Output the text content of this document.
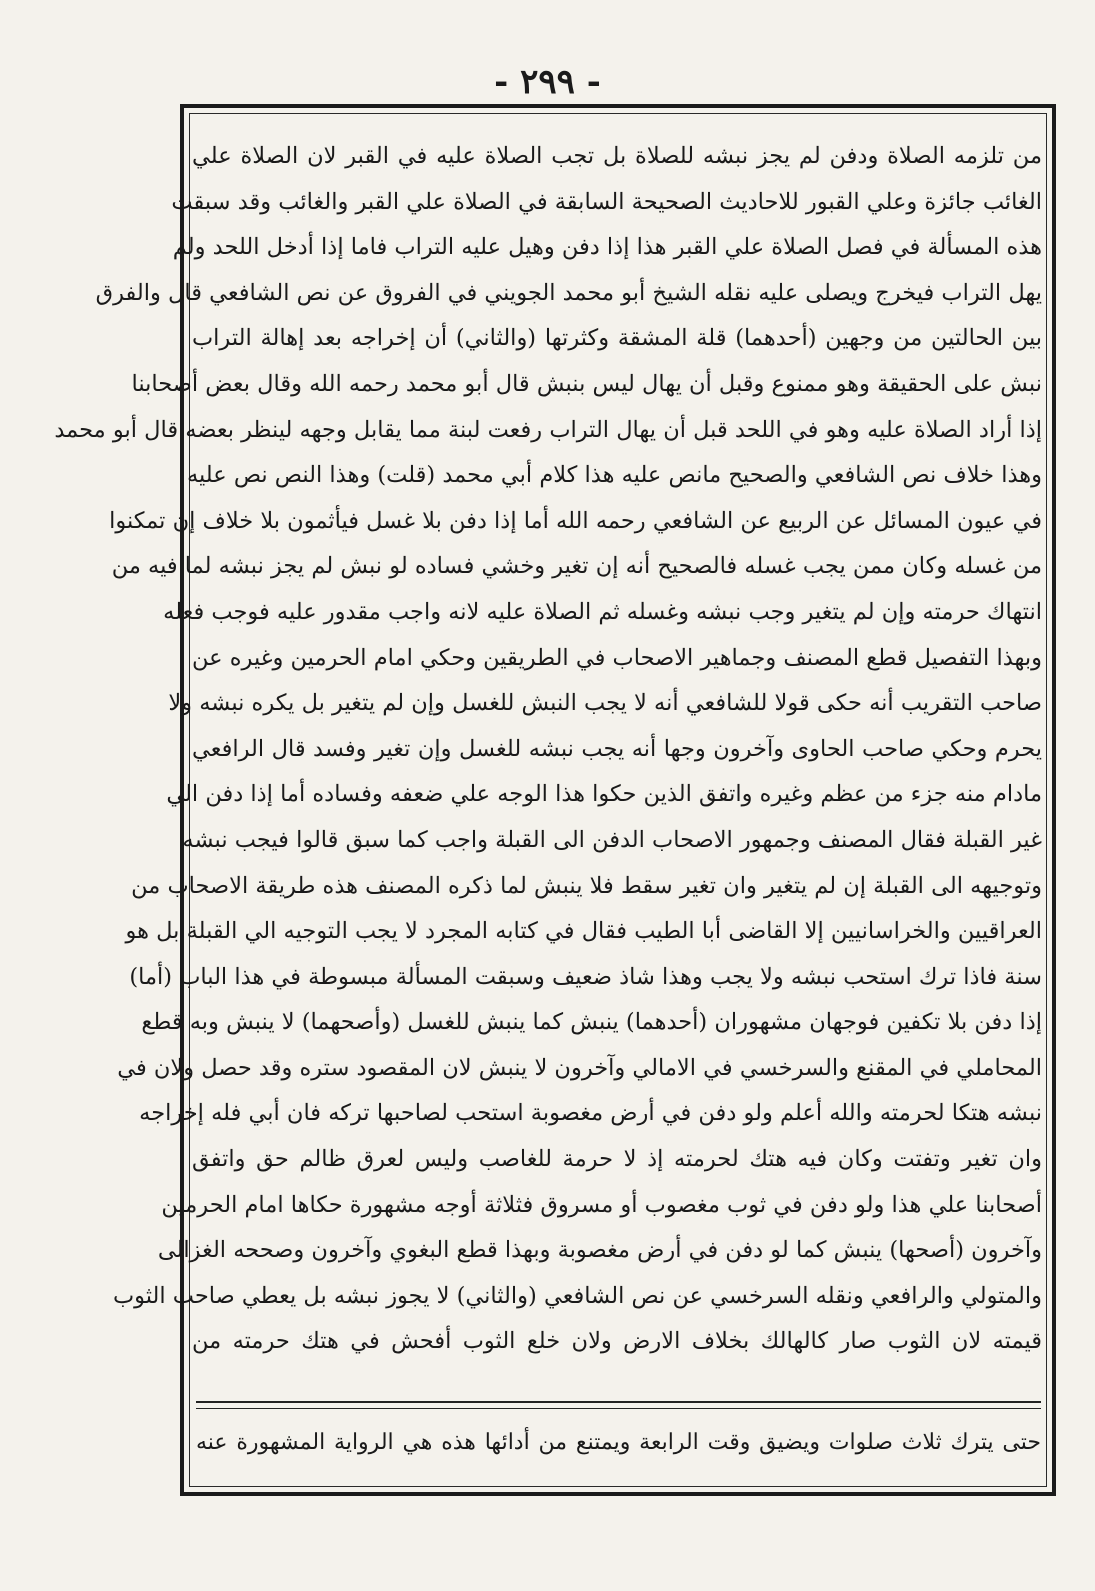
- ٢٩٩ -
من تلزمه الصلاة ودفن لم يجز نبشه للصلاة بل تجب الصلاة عليه في القبر لان الصلاة علي
الغائب جائزة وعلي القبور للاحاديث الصحيحة السابقة في الصلاة علي القبر والغائب وقد سبقت
هذه المسألة في فصل الصلاة علي القبر هذا إذا دفن وهيل عليه التراب فاما إذا أدخل اللحد ولم
يهل التراب فيخرج ويصلى عليه نقله الشيخ أبو محمد الجويني في الفروق عن نص الشافعي قال والفرق
بين الحالتين من وجهين (أحدهما) قلة المشقة وكثرتها (والثاني) أن إخراجه بعد إهالة التراب
نبش على الحقيقة وهو ممنوع وقبل أن يهال ليس بنبش قال أبو محمد رحمه الله وقال بعض أصحابنا
إذا أراد الصلاة عليه وهو في اللحد قبل أن يهال التراب رفعت لبنة مما يقابل وجهه لينظر بعضه قال أبو محمد
وهذا خلاف نص الشافعي والصحيح مانص عليه هذا كلام أبي محمد (قلت) وهذا النص نص عليه
في عيون المسائل عن الربيع عن الشافعي رحمه الله أما إذا دفن بلا غسل فيأثمون بلا خلاف إن تمكنوا
من غسله وكان ممن يجب غسله فالصحيح أنه إن تغير وخشي فساده لو نبش لم يجز نبشه لما فيه من
انتهاك حرمته وإن لم يتغير وجب نبشه وغسله ثم الصلاة عليه لانه واجب مقدور عليه فوجب فعله
وبهذا التفصيل قطع المصنف وجماهير الاصحاب في الطريقين وحكي امام الحرمين وغيره عن
صاحب التقريب أنه حكى قولا للشافعي أنه لا يجب النبش للغسل وإن لم يتغير بل يكره نبشه ولا
يحرم وحكي صاحب الحاوى وآخرون وجها أنه يجب نبشه للغسل وإن تغير وفسد قال الرافعي
مادام منه جزء من عظم وغيره واتفق الذين حكوا هذا الوجه علي ضعفه وفساده أما إذا دفن الي
غير القبلة فقال المصنف وجمهور الاصحاب الدفن الى القبلة واجب كما سبق قالوا فيجب نبشه
وتوجيهه الى القبلة إن لم يتغير وان تغير سقط فلا ينبش لما ذكره المصنف هذه طريقة الاصحاب من
العراقيين والخراسانيين إلا القاضى أبا الطيب فقال في كتابه المجرد لا يجب التوجيه الي القبلة بل هو
سنة فاذا ترك استحب نبشه ولا يجب وهذا شاذ ضعيف وسبقت المسألة مبسوطة في هذا الباب (أما)
إذا دفن بلا تكفين فوجهان مشهوران (أحدهما) ينبش كما ينبش للغسل (وأصحهما) لا ينبش وبه قطع
المحاملي في المقنع والسرخسي في الامالي وآخرون لا ينبش لان المقصود ستره وقد حصل ولان في
نبشه هتكا لحرمته والله أعلم ولو دفن في أرض مغصوبة استحب لصاحبها تركه فان أبي فله إخراجه
وان تغير وتفتت وكان فيه هتك لحرمته إذ لا حرمة للغاصب وليس لعرق ظالم حق واتفق
أصحابنا علي هذا ولو دفن في ثوب مغصوب أو مسروق فثلاثة أوجه مشهورة حكاها امام الحرمين
وآخرون (أصحها) ينبش كما لو دفن في أرض مغصوبة وبهذا قطع البغوي وآخرون وصححه الغزالى
والمتولي والرافعي ونقله السرخسي عن نص الشافعي (والثاني) لا يجوز نبشه بل يعطي صاحب الثوب
قيمته لان الثوب صار كالهالك بخلاف الارض ولان خلع الثوب أفحش في هتك حرمته من
حتى يترك ثلاث صلوات ويضيق وقت الرابعة ويمتنع من أدائها هذه هي الرواية المشهورة عنه
